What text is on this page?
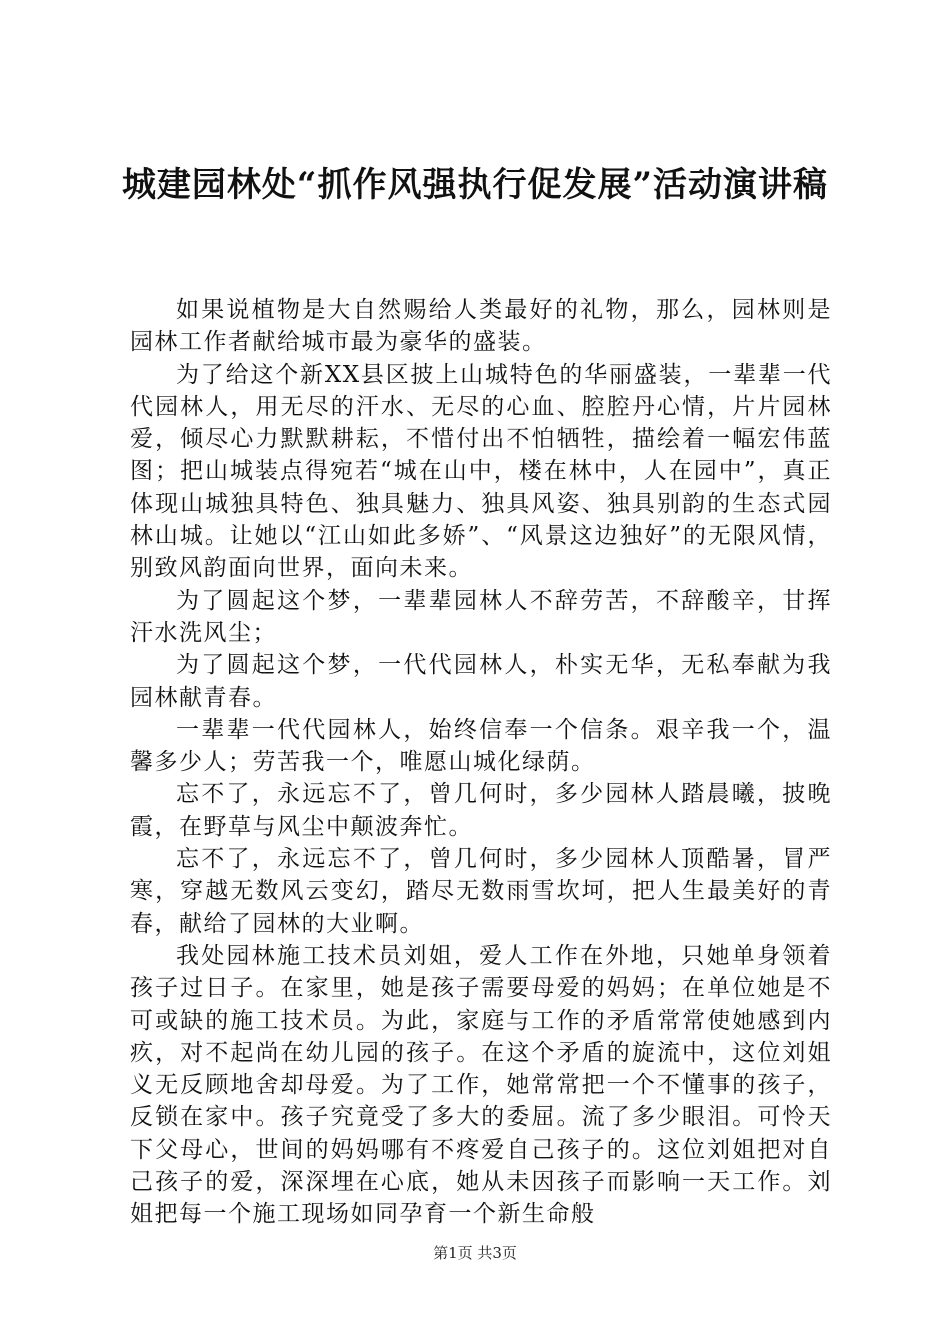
城建园林处“抓作风强执行促发展”活动演讲稿

如果说植物是大自然赐给人类最好的礼物，那么，园林则是园林工作者献给城市最为豪华的盛装。

为了给这个新XX县区披上山城特色的华丽盛装，一辈辈一代代园林人，用无尽的汗水、无尽的心血、腔腔丹心情，片片园林爱，倾尽心力默默耕耘，不惜付出不怕牺牲，描绘着一幅宏伟蓝图；把山城装点得宛若“城在山中，楼在林中，人在园中”，真正体现山城独具特色、独具魅力、独具风姿、独具别韵的生态式园林山城。让她以“江山如此多娇”、“风景这边独好”的无限风情，别致风韵面向世界，面向未来。

为了圆起这个梦，一辈辈园林人不辞劳苦，不辞酸辛，甘挥汗水洗风尘；

为了圆起这个梦，一代代园林人，朴实无华，无私奉献为我园林献青春。

一辈辈一代代园林人，始终信奉一个信条。艰辛我一个，温馨多少人；劳苦我一个，唯愿山城化绿荫。

忘不了，永远忘不了，曾几何时，多少园林人踏晨曦，披晚霞，在野草与风尘中颠波奔忙。

忘不了，永远忘不了，曾几何时，多少园林人顶酷暑，冒严寒，穿越无数风云变幻，踏尽无数雨雪坎坷，把人生最美好的青春，献给了园林的大业啊。

我处园林施工技术员刘姐，爱人工作在外地，只她单身领着孩子过日子。在家里，她是孩子需要母爱的妈妈；在单位她是不可或缺的施工技术员。为此，家庭与工作的矛盾常常使她感到内疚，对不起尚在幼儿园的孩子。在这个矛盾的旋流中，这位刘姐义无反顾地舍却母爱。为了工作，她常常把一个不懂事的孩子，反锁在家中。孩子究竟受了多大的委屈。流了多少眼泪。可怜天下父母心，世间的妈妈哪有不疼爱自己孩子的。这位刘姐把对自己孩子的爱，深深埋在心底，她从未因孩子而影响一天工作。刘姐把每一个施工现场如同孕育一个新生命般

第1页 共3页
